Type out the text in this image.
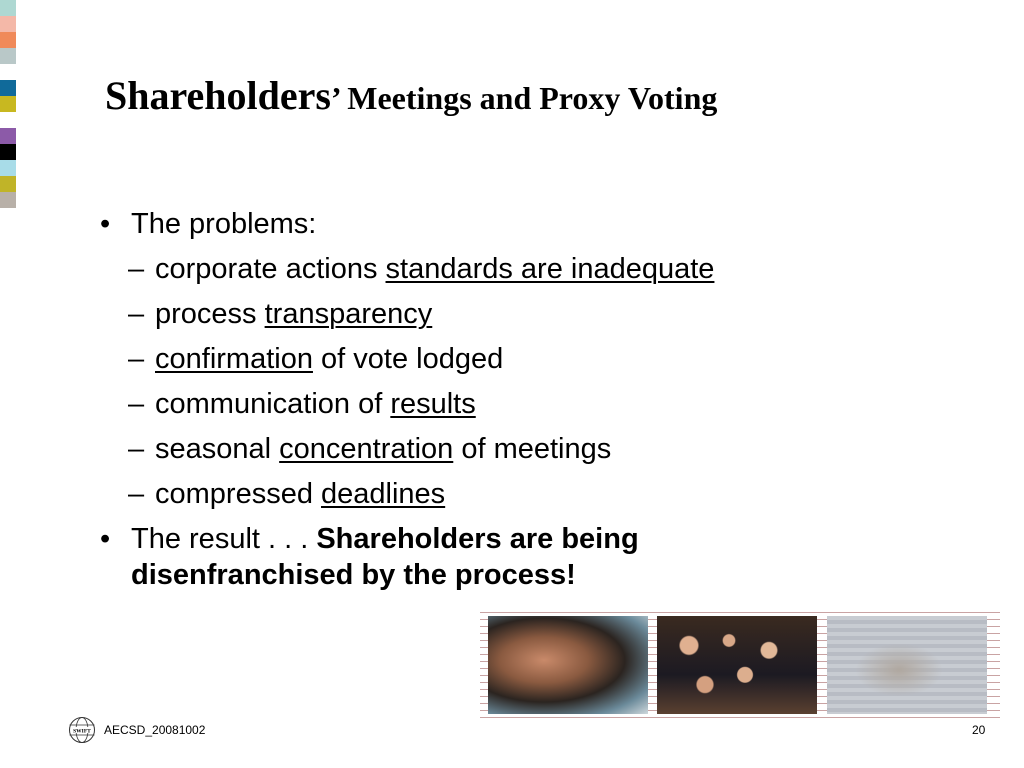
Shareholders’ Meetings and Proxy Voting
• The problems:
– corporate actions standards are inadequate
– process transparency
– confirmation of vote lodged
– communication of results
– seasonal concentration of meetings
– compressed deadlines
• The result . . . Shareholders are being disenfranchised by the process!
SWIFT AECSD_20081002	20
